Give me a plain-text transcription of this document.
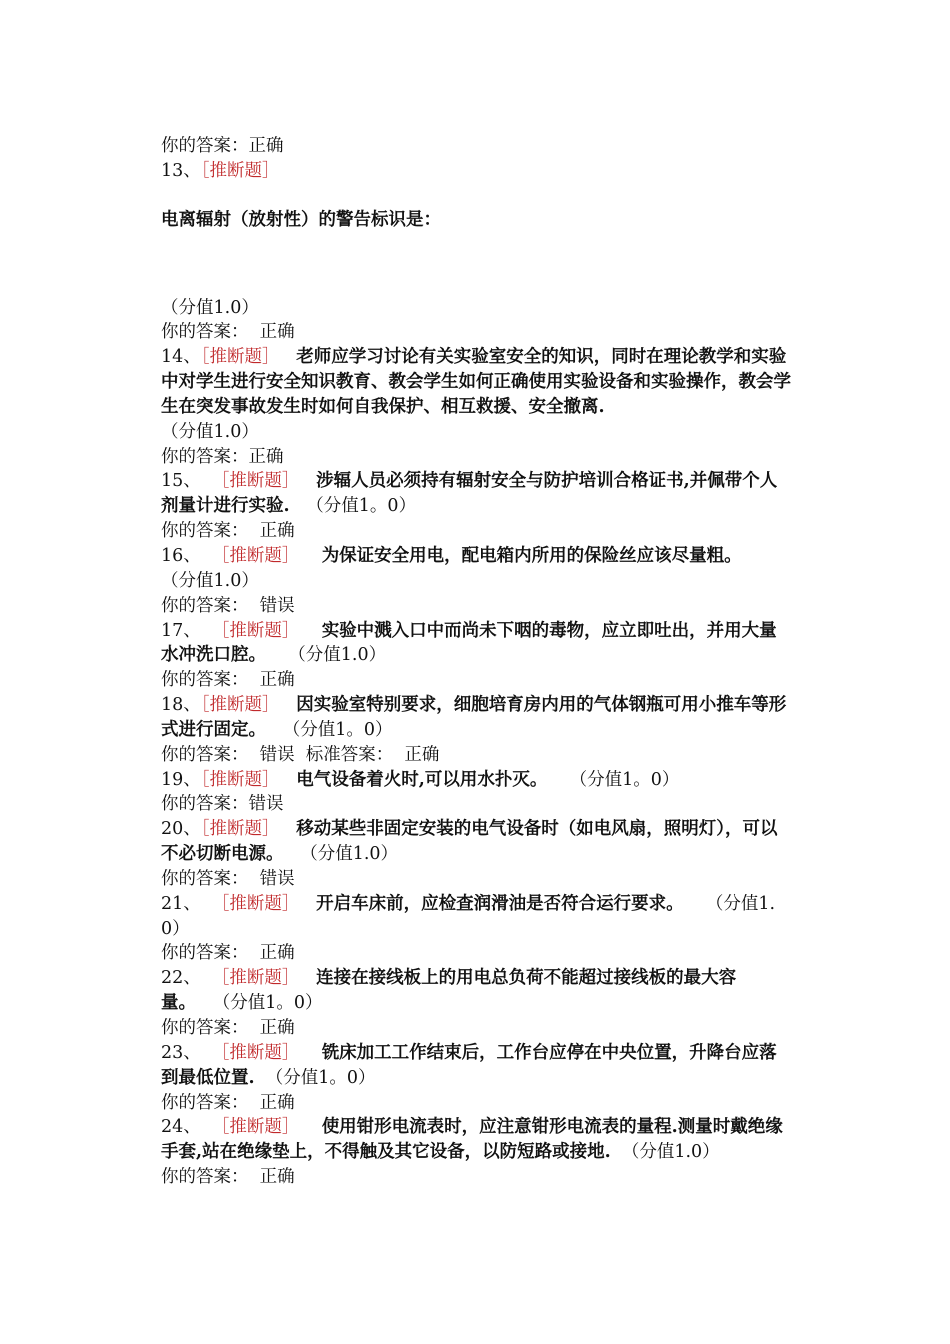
你的答案：正确

13、［推断题］

电离辐射（放射性）的警告标识是：

（分值1.0）

你的答案： 正确

14、［推断题］ 老师应学习讨论有关实验室安全的知识，同时在理论教学和实验中对学生进行安全知识教育、教会学生如何正确使用实验设备和实验操作，教会学生在突发事故发生时如何自我保护、相互救援、安全撤离.
（分值1.0）

你的答案：正确

15、 ［推断题］ 涉辐人员必须持有辐射安全与防护培训合格证书,并佩带个人剂量计进行实验. （分值1。0）

你的答案： 正确

16、 ［推断题］ 为保证安全用电，配电箱内所用的保险丝应该尽量粗。
（分值1.0）

你的答案： 错误

17、 ［推断题］ 实验中溅入口中而尚未下咽的毒物，应立即吐出，并用大量水冲洗口腔。 （分值1.0）

你的答案： 正确

18、［推断题］ 因实验室特别要求，细胞培育房内用的气体钢瓶可用小推车等形式进行固定。 （分值1。0）

你的答案： 错误 标准答案： 正确

19、［推断题］ 电气设备着火时,可以用水扑灭。 （分值1。0）

你的答案：错误

20、［推断题］ 移动某些非固定安装的电气设备时（如电风扇，照明灯），可以不必切断电源。 （分值1.0）

你的答案： 错误

21、 ［推断题］ 开启车床前，应检查润滑油是否符合运行要求。 （分值1.0）

你的答案： 正确

22、 ［推断题］ 连接在接线板上的用电总负荷不能超过接线板的最大容量。 （分值1。0）

你的答案： 正确

23、 ［推断题］ 铣床加工工作结束后，工作台应停在中央位置，升降台应落到最低位置. （分值1。0）

你的答案： 正确

24、 ［推断题］ 使用钳形电流表时，应注意钳形电流表的量程.测量时戴绝缘手套,站在绝缘垫上，不得触及其它设备，以防短路或接地. （分值1.0）

你的答案： 正确
